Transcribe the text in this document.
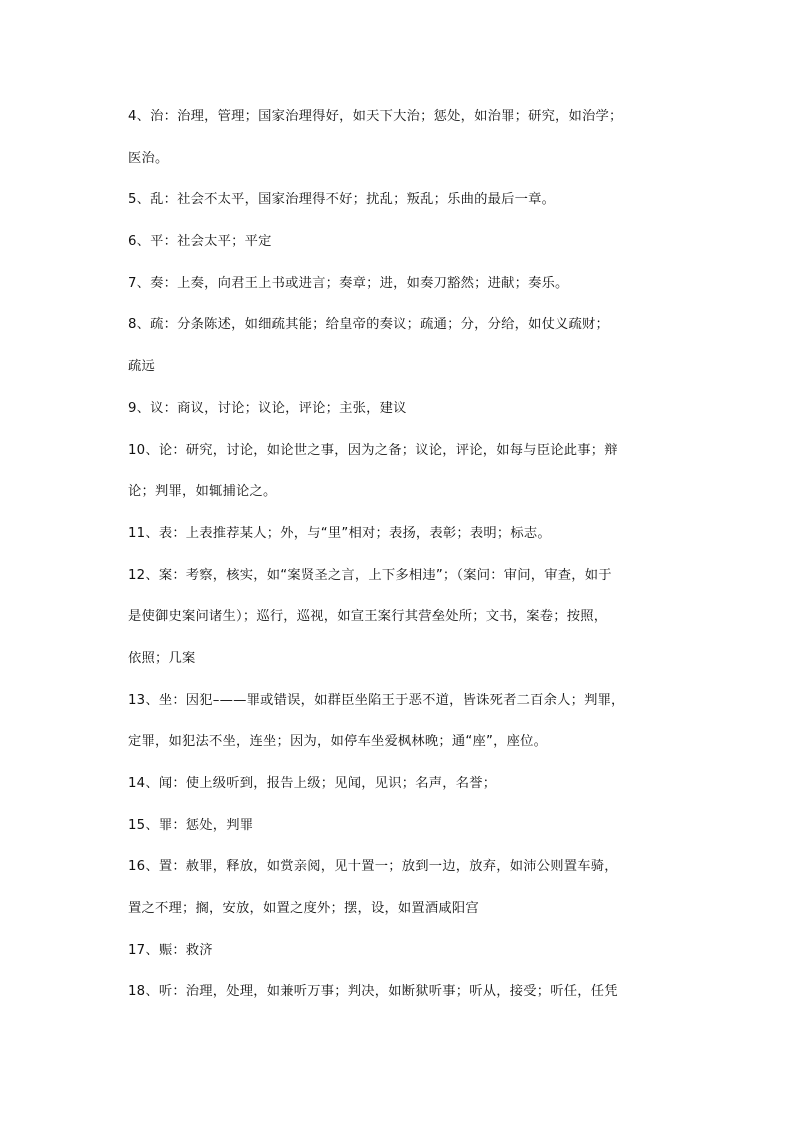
4、治：治理，管理；国家治理得好，如天下大治；惩处，如治罪；研究，如治学；
医治。
5、乱：社会不太平，国家治理得不好；扰乱；叛乱；乐曲的最后一章。
6、平：社会太平；平定
7、奏：上奏，向君王上书或进言；奏章；进，如奏刀豁然；进献；奏乐。
8、疏：分条陈述，如细疏其能；给皇帝的奏议；疏通；分，分给，如仗义疏财；
疏远
9、议：商议，讨论；议论，评论；主张，建议
10、论：研究，讨论，如论世之事，因为之备；议论，评论，如每与臣论此事；辩
论；判罪，如辄捕论之。
11、表：上表推荐某人；外，与“里”相对；表扬，表彰；表明；标志。
12、案：考察，核实，如“案贤圣之言，上下多相违”；（案问：审问，审查，如于
是使御史案问诸生）；巡行，巡视，如宣王案行其营垒处所；文书，案卷；按照，
依照；几案
13、坐：因犯–——罪或错误，如群臣坐陷王于恶不道，皆诛死者二百余人；判罪，
定罪，如犯法不坐，连坐；因为，如停车坐爱枫林晚；通“座”，座位。
14、闻：使上级听到，报告上级；见闻，见识；名声，名誉；
15、罪：惩处，判罪
16、置：赦罪，释放，如赏亲阅，见十置一；放到一边，放弃，如沛公则置车骑，
置之不理；搁，安放，如置之度外；摆，设，如置酒咸阳宫
17、赈：救济
18、听：治理，处理，如兼听万事；判决，如断狱听事；听从，接受；听任，任凭
